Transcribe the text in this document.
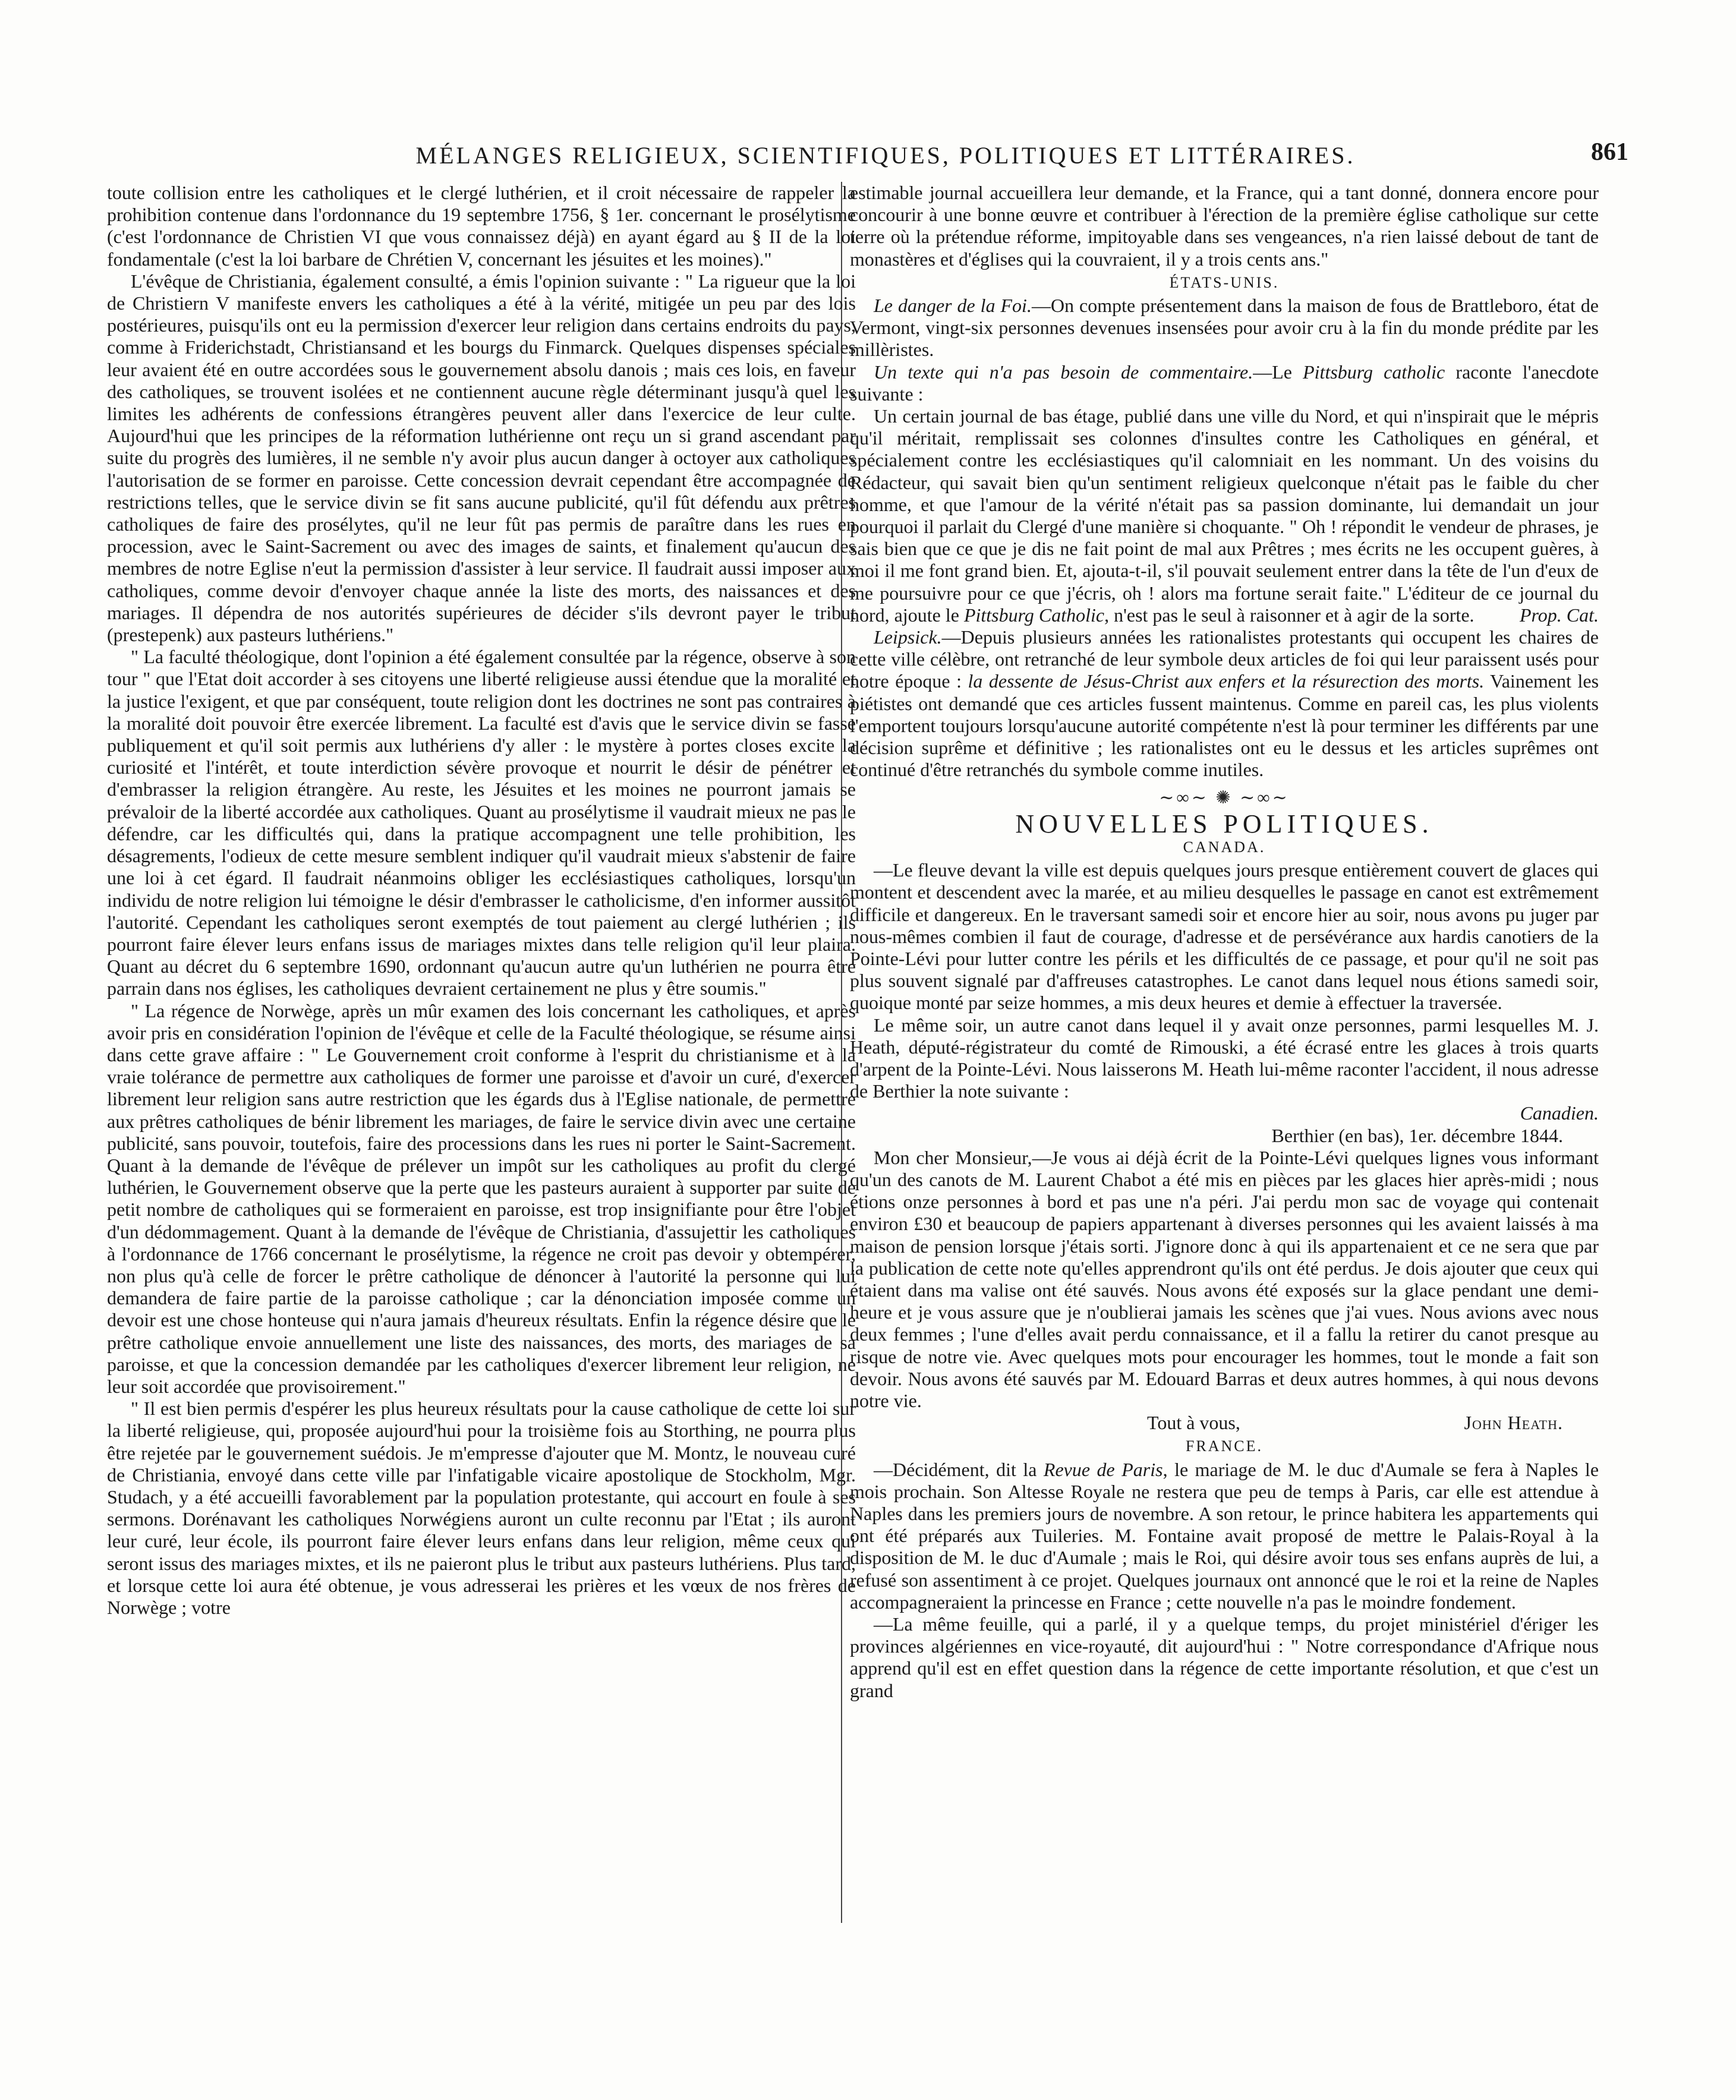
MÉLANGES RELIGIEUX, SCIENTIFIQUES, POLITIQUES ET LITTÉRAIRES.	861

toute collision entre les catholiques et le clergé luthérien, et il croit nécessaire de rappeler la prohibition contenue dans l'ordonnance du 19 septembre 1756, § 1er. concernant le prosélytisme (c'est l'ordonnance de Christien VI que vous connaissez déjà) en ayant égard au § II de la loi fondamentale (c'est la loi barbare de Chrétien V, concernant les jésuites et les moines)."

L'évêque de Christiania, également consulté, a émis l'opinion suivante : " La rigueur que la loi de Christiern V manifeste envers les catholiques a été à la vérité, mitigée un peu par des lois postérieures, puisqu'ils ont eu la permission d'exercer leur religion dans certains endroits du pays, comme à Friderichstadt, Christiansand et les bourgs du Finmarck. Quelques dispenses spéciales leur avaient été en outre accordées sous le gouvernement absolu danois ; mais ces lois, en faveur des catholiques, se trouvent isolées et ne contiennent aucune règle déterminant jusqu'à quel les limites les adhérents de confessions étrangères peuvent aller dans l'exercice de leur culte. Aujourd'hui que les principes de la réformation luthérienne ont reçu un si grand ascendant par suite du progrès des lumières, il ne semble n'y avoir plus aucun danger à octoyer aux catholiques l'autorisation de se former en paroisse. Cette concession devrait cependant être accompagnée de restrictions telles, que le service divin se fit sans aucune publicité, qu'il fût défendu aux prêtres catholiques de faire des prosélytes, qu'il ne leur fût pas permis de paraître dans les rues en procession, avec le Saint-Sacrement ou avec des images de saints, et finalement qu'aucun des membres de notre Eglise n'eut la permission d'assister à leur service. Il faudrait aussi imposer aux catholiques, comme devoir d'envoyer chaque année la liste des morts, des naissances et des mariages. Il dépendra de nos autorités supérieures de décider s'ils devront payer le tribut (prestepenk) aux pasteurs luthériens."

" La faculté théologique, dont l'opinion a été également consultée par la régence, observe à son tour " que l'Etat doit accorder à ses citoyens une liberté religieuse aussi étendue que la moralité et la justice l'exigent, et que par conséquent, toute religion dont les doctrines ne sont pas contraires à la moralité doit pouvoir être exercée librement. La faculté est d'avis que le service divin se fasse publiquement et qu'il soit permis aux luthériens d'y aller : le mystère à portes closes excite la curiosité et l'intérêt, et toute interdiction sévère provoque et nourrit le désir de pénétrer et d'embrasser la religion étrangère. Au reste, les Jésuites et les moines ne pourront jamais se prévaloir de la liberté accordée aux catholiques. Quant au prosélytisme il vaudrait mieux ne pas le défendre, car les difficultés qui, dans la pratique accompagnent une telle prohibition, les désagrements, l'odieux de cette mesure semblent indiquer qu'il vaudrait mieux s'abstenir de faire une loi à cet égard. Il faudrait néanmoins obliger les ecclésiastiques catholiques, lorsqu'un individu de notre religion lui témoigne le désir d'embrasser le catholicisme, d'en informer aussitôt l'autorité. Cependant les catholiques seront exemptés de tout paiement au clergé luthérien ; ils pourront faire élever leurs enfans issus de mariages mixtes dans telle religion qu'il leur plaira. Quant au décret du 6 septembre 1690, ordonnant qu'aucun autre qu'un luthérien ne pourra être parrain dans nos églises, les catholiques devraient certainement ne plus y être soumis."

" La régence de Norwège, après un mûr examen des lois concernant les catholiques, et après avoir pris en considération l'opinion de l'évêque et celle de la Faculté théologique, se résume ainsi dans cette grave affaire : " Le Gouvernement croit conforme à l'esprit du christianisme et à la vraie tolérance de permettre aux catholiques de former une paroisse et d'avoir un curé, d'exercer librement leur religion sans autre restriction que les égards dus à l'Eglise nationale, de permettre aux prêtres catholiques de bénir librement les mariages, de faire le service divin avec une certaine publicité, sans pouvoir, toutefois, faire des processions dans les rues ni porter le Saint-Sacrement. Quant à la demande de l'évêque de prélever un impôt sur les catholiques au profit du clergé luthérien, le Gouvernement observe que la perte que les pasteurs auraient à supporter par suite de petit nombre de catholiques qui se formeraient en paroisse, est trop insignifiante pour être l'objet d'un dédommagement. Quant à la demande de l'évêque de Christiania, d'assujettir les catholiques à l'ordonnance de 1766 concernant le prosélytisme, la régence ne croit pas devoir y obtempérer, non plus qu'à celle de forcer le prêtre catholique de dénoncer à l'autorité la personne qui lui demandera de faire partie de la paroisse catholique ; car la dénonciation imposée comme un devoir est une chose honteuse qui n'aura jamais d'heureux résultats. Enfin la régence désire que le prêtre catholique envoie annuellement une liste des naissances, des morts, des mariages de sa paroisse, et que la concession demandée par les catholiques d'exercer librement leur religion, ne leur soit accordée que provisoirement."

" Il est bien permis d'espérer les plus heureux résultats pour la cause catholique de cette loi sur la liberté religieuse, qui, proposée aujourd'hui pour la troisième fois au Storthing, ne pourra plus être rejetée par le gouvernement suédois. Je m'empresse d'ajouter que M. Montz, le nouveau curé de Christiania, envoyé dans cette ville par l'infatigable vicaire apostolique de Stockholm, Mgr. Studach, y a été accueilli favorablement par la population protestante, qui accourt en foule à ses sermons. Dorénavant les catholiques Norwégiens auront un culte reconnu par l'Etat ; ils auront leur curé, leur école, ils pourront faire élever leurs enfans dans leur religion, même ceux qui seront issus des mariages mixtes, et ils ne paieront plus le tribut aux pasteurs luthériens. Plus tard, et lorsque cette loi aura été obtenue, je vous adresserai les prières et les vœux de nos frères de Norwège ; votre

estimable journal accueillera leur demande, et la France, qui a tant donné, donnera encore pour concourir à une bonne œuvre et contribuer à l'érection de la première église catholique sur cette terre où la prétendue réforme, impitoyable dans ses vengeances, n'a rien laissé debout de tant de monastères et d'églises qui la couvraient, il y a trois cents ans."

ÉTATS-UNIS.

Le danger de la Foi.—On compte présentement dans la maison de fous de Brattleboro, état de Vermont, vingt-six personnes devenues insensées pour avoir cru à la fin du monde prédite par les millèristes.

Un texte qui n'a pas besoin de commentaire.—Le Pittsburg catholic raconte l'anecdote suivante :

Un certain journal de bas étage, publié dans une ville du Nord, et qui n'inspirait que le mépris qu'il méritait, remplissait ses colonnes d'insultes contre les Catholiques en général, et spécialement contre les ecclésiastiques qu'il calomniait en les nommant. Un des voisins du Rédacteur, qui savait bien qu'un sentiment religieux quelconque n'était pas le faible du cher homme, et que l'amour de la vérité n'était pas sa passion dominante, lui demandait un jour pourquoi il parlait du Clergé d'une manière si choquante. " Oh ! répondit le vendeur de phrases, je sais bien que ce que je dis ne fait point de mal aux Prêtres ; mes écrits ne les occupent guères, à moi il me font grand bien. Et, ajouta-t-il, s'il pouvait seulement entrer dans la tête de l'un d'eux de me poursuivre pour ce que j'écris, oh ! alors ma fortune serait faite." L'éditeur de ce journal du nord, ajoute le Pittsburg Catholic, n'est pas le seul à raisonner et à agir de la sorte.	Prop. Cat.

Leipsick.—Depuis plusieurs années les rationalistes protestants qui occupent les chaires de cette ville célèbre, ont retranché de leur symbole deux articles de foi qui leur paraissent usés pour notre époque : la dessente de Jésus-Christ aux enfers et la résurection des morts. Vainement les piétistes ont demandé que ces articles fussent maintenus. Comme en pareil cas, les plus violents l'emportent toujours lorsqu'aucune autorité compétente n'est là pour terminer les différents par une décision suprême et définitive ; les rationalistes ont eu le dessus et les articles suprêmes ont continué d'être retranchés du symbole comme inutiles.

∼∞∼ ✺ ∼∞∼

NOUVELLES POLITIQUES.

CANADA.

—Le fleuve devant la ville est depuis quelques jours presque entièrement couvert de glaces qui montent et descendent avec la marée, et au milieu desquelles le passage en canot est extrêmement difficile et dangereux. En le traversant samedi soir et encore hier au soir, nous avons pu juger par nous-mêmes combien il faut de courage, d'adresse et de persévérance aux hardis canotiers de la Pointe-Lévi pour lutter contre les périls et les difficultés de ce passage, et pour qu'il ne soit pas plus souvent signalé par d'affreuses catastrophes. Le canot dans lequel nous étions samedi soir, quoique monté par seize hommes, a mis deux heures et demie à effectuer la traversée.

Le même soir, un autre canot dans lequel il y avait onze personnes, parmi lesquelles M. J. Heath, député-régistrateur du comté de Rimouski, a été écrasé entre les glaces à trois quarts d'arpent de la Pointe-Lévi. Nous laisserons M. Heath lui-même raconter l'accident, il nous adresse de Berthier la note suivante :

Canadien.

Berthier (en bas), 1er. décembre 1844.

Mon cher Monsieur,—Je vous ai déjà écrit de la Pointe-Lévi quelques lignes vous informant qu'un des canots de M. Laurent Chabot a été mis en pièces par les glaces hier après-midi ; nous étions onze personnes à bord et pas une n'a péri. J'ai perdu mon sac de voyage qui contenait environ £30 et beaucoup de papiers appartenant à diverses personnes qui les avaient laissés à ma maison de pension lorsque j'étais sorti. J'ignore donc à qui ils appartenaient et ce ne sera que par la publication de cette note qu'elles apprendront qu'ils ont été perdus. Je dois ajouter que ceux qui étaient dans ma valise ont été sauvés. Nous avons été exposés sur la glace pendant une demi-heure et je vous assure que je n'oublierai jamais les scènes que j'ai vues. Nous avions avec nous deux femmes ; l'une d'elles avait perdu connaissance, et il a fallu la retirer du canot presque au risque de notre vie. Avec quelques mots pour encourager les hommes, tout le monde a fait son devoir. Nous avons été sauvés par M. Edouard Barras et deux autres hommes, à qui nous devons notre vie.

Tout à vous,	John Heath.

FRANCE.

—Décidément, dit la Revue de Paris, le mariage de M. le duc d'Aumale se fera à Naples le mois prochain. Son Altesse Royale ne restera que peu de temps à Paris, car elle est attendue à Naples dans les premiers jours de novembre. A son retour, le prince habitera les appartements qui ont été préparés aux Tuileries. M. Fontaine avait proposé de mettre le Palais-Royal à la disposition de M. le duc d'Aumale ; mais le Roi, qui désire avoir tous ses enfans auprès de lui, a refusé son assentiment à ce projet. Quelques journaux ont annoncé que le roi et la reine de Naples accompagneraient la princesse en France ; cette nouvelle n'a pas le moindre fondement.

—La même feuille, qui a parlé, il y a quelque temps, du projet ministériel d'ériger les provinces algériennes en vice-royauté, dit aujourd'hui : " Notre correspondance d'Afrique nous apprend qu'il est en effet question dans la régence de cette importante résolution, et que c'est un grand
